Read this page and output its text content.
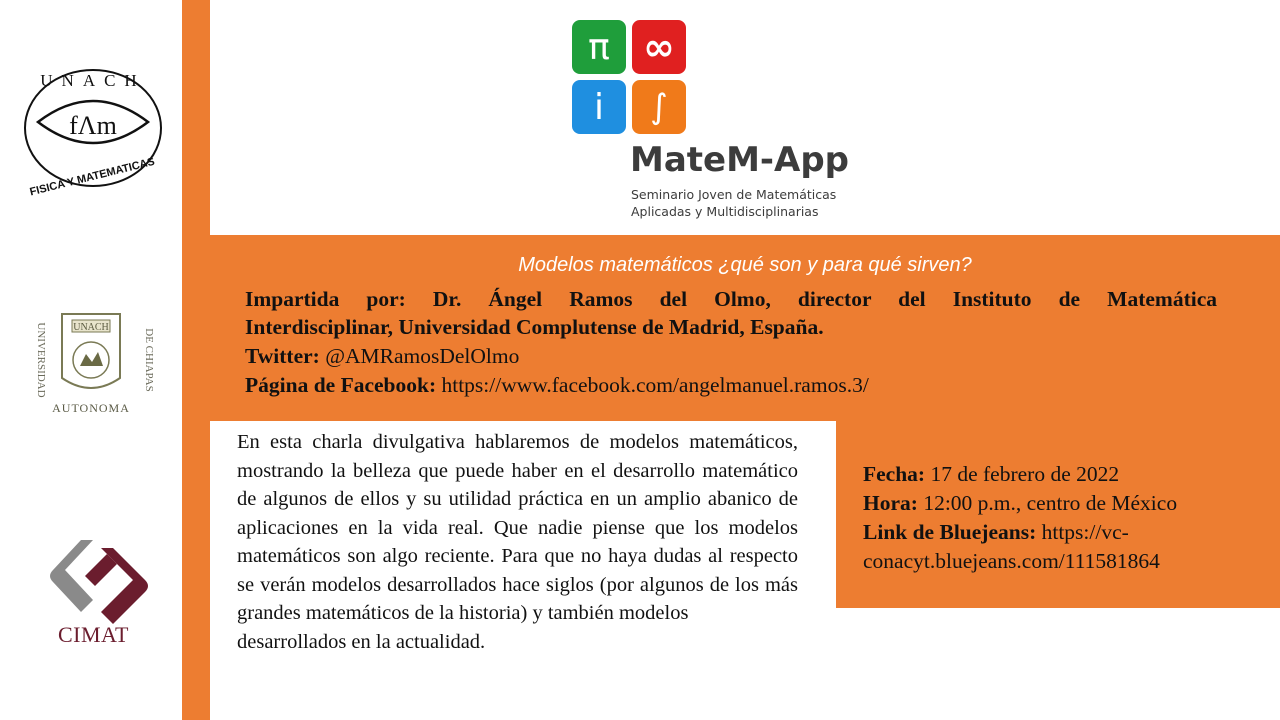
fΛm
UNACH
FISICA Y MATEMATICAS
UNIVERSIDAD	DE CHIAPAS
UNACH
AUTONOMA
CIMAT
π ∞
i	∫
MateM-App
Seminario Joven de Matemáticas
Aplicadas y Multidisciplinarias
Modelos matemáticos ¿qué son y para qué sirven?
Impartida por: Dr. Ángel Ramos del Olmo, director del Instituto de Matemática
Interdisciplinar, Universidad Complutense de Madrid, España.
Twitter: @AMRamosDelOlmo
Página de Facebook: https://www.facebook.com/angelmanuel.ramos.3/
En esta charla divulgativa hablaremos de modelos matemáticos, mostrando la belleza que puede haber en el desarrollo matemático de algunos de ellos y su utilidad práctica en un amplio abanico de aplicaciones en la vida real. Que nadie piense que los modelos matemáticos son algo reciente. Para que no haya dudas al respecto se verán modelos desarrollados hace siglos (por algunos de los más grandes matemáticos de la historia) y también modelos
desarrollados en la actualidad.
Fecha: 17 de febrero de 2022
Hora: 12:00 p.m., centro de México
Link de Bluejeans: https://vc-conacyt.bluejeans.com/111581864
